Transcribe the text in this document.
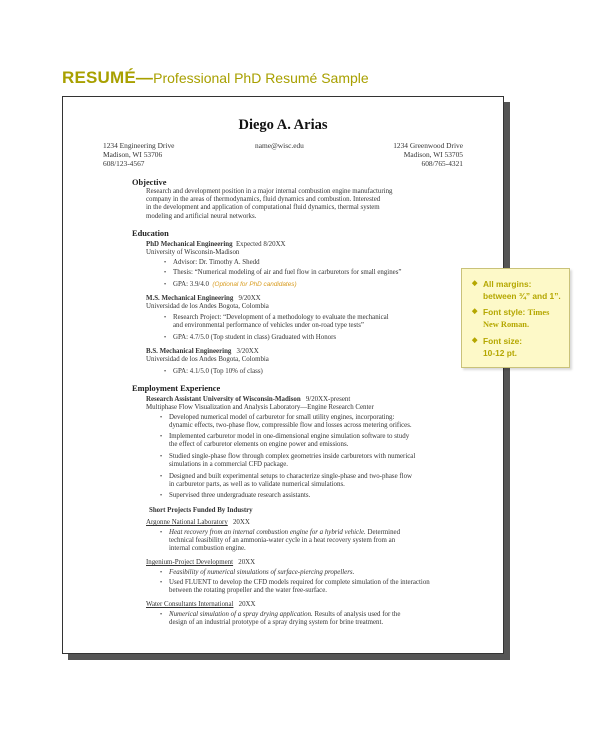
RESUMÉ—Professional PhD Resumé Sample
Diego A. Arias
1234 Engineering Drive
Madison, WI 53706
608/123-4567
name@wisc.edu	1234 Greenwood Drive
Madison, WI 53705
608/765-4321
Objective
Research and development position in a major internal combustion engine manufacturing
company in the areas of thermodynamics, fluid dynamics and combustion. Interested
in the development and application of computational fluid dynamics, thermal system
modeling and artificial neural networks.
Education
PhD Mechanical Engineering Expected 8/20XX
University of Wisconsin-Madison
• Advisor: Dr. Timothy A. Shedd
• Thesis: “Numerical modeling of air and fuel flow in carburetors for small engines”
• GPA: 3.9/4.0 (Optional for PhD candidates)
M.S. Mechanical Engineering 9/20XX
Universidad de los Andes Bogota, Colombia
• Research Project: “Development of a methodology to evaluate the mechanical
and environmental performance of vehicles under on-road type tests”
• GPA: 4.7/5.0 (Top student in class) Graduated with Honors
B.S. Mechanical Engineering 3/20XX
Universidad de los Andes Bogota, Colombia
• GPA: 4.1/5.0 (Top 10% of class)
Employment Experience
Research Assistant University of Wisconsin-Madison 9/20XX-present
Multiphase Flow Visualization and Analysis Laboratory—Engine Research Center
• Developed numerical model of carburetor for small utility engines, incorporating:
dynamic effects, two-phase flow, compressible flow and losses across metering orifices.
• Implemented carburetor model in one-dimensional engine simulation software to study
the effect of carburetor elements on engine power and emissions.
• Studied single-phase flow through complex geometries inside carburetors with numerical
simulations in a commercial CFD package.
• Designed and built experimental setups to characterize single-phase and two-phase flow
in carburetor parts, as well as to validate numerical simulations.
• Supervised three undergraduate research assistants.
Short Projects Funded By Industry
Argonne National Laboratory 20XX
• Heat recovery from an internal combustion engine for a hybrid vehicle. Determined
technical feasibility of an ammonia-water cycle in a heat recovery system from an
internal combustion engine.
Ingenium-Project Development 20XX
• Feasibility of numerical simulations of surface-piercing propellers.
• Used FLUENT to develop the CFD models required for complete simulation of the interaction
between the rotating propeller and the water free-surface.
Water Consultants International 20XX
• Numerical simulation of a spray drying application. Results of analysis used for the
design of an industrial prototype of a spray drying system for brine treatment.
◆ All margins:
between ¾” and 1”.
◆ Font style: Times
New Roman.
◆ Font size:
10-12 pt.
